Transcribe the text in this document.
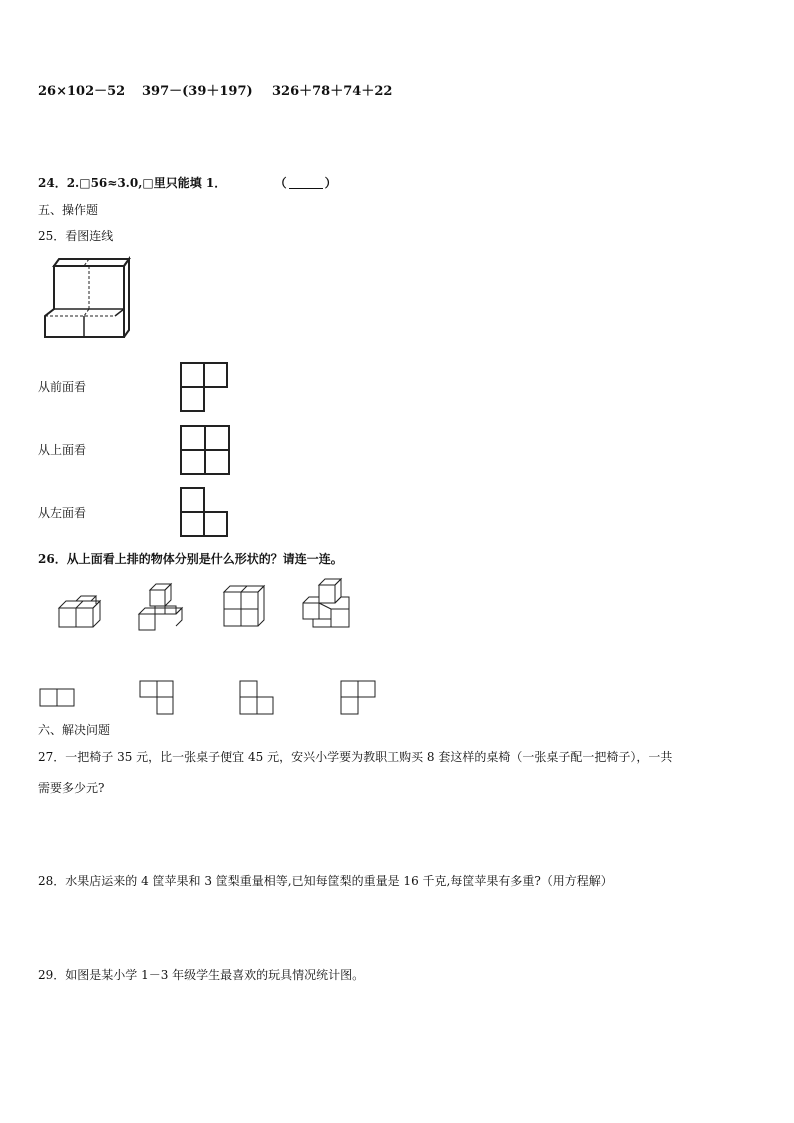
26×102－52 397－(39＋197) 326＋78＋74＋22
24．2.□56≈3.0,□里只能填 1．	（	）
五、操作题
25．看图连线
从前面看
从上面看
从左面看
26．从上面看上排的物体分别是什么形状的？请连一连。
六、解决问题
27．一把椅子 35 元，比一张桌子便宜 45 元，安兴小学要为教职工购买 8 套这样的桌椅（一张桌子配一把椅子），一共
需要多少元?
28．水果店运来的 4 筐苹果和 3 筐梨重量相等,已知每筐梨的重量是 16 千克,每筐苹果有多重?（用方程解）
29．如图是某小学 1－3 年级学生最喜欢的玩具情况统计图。
